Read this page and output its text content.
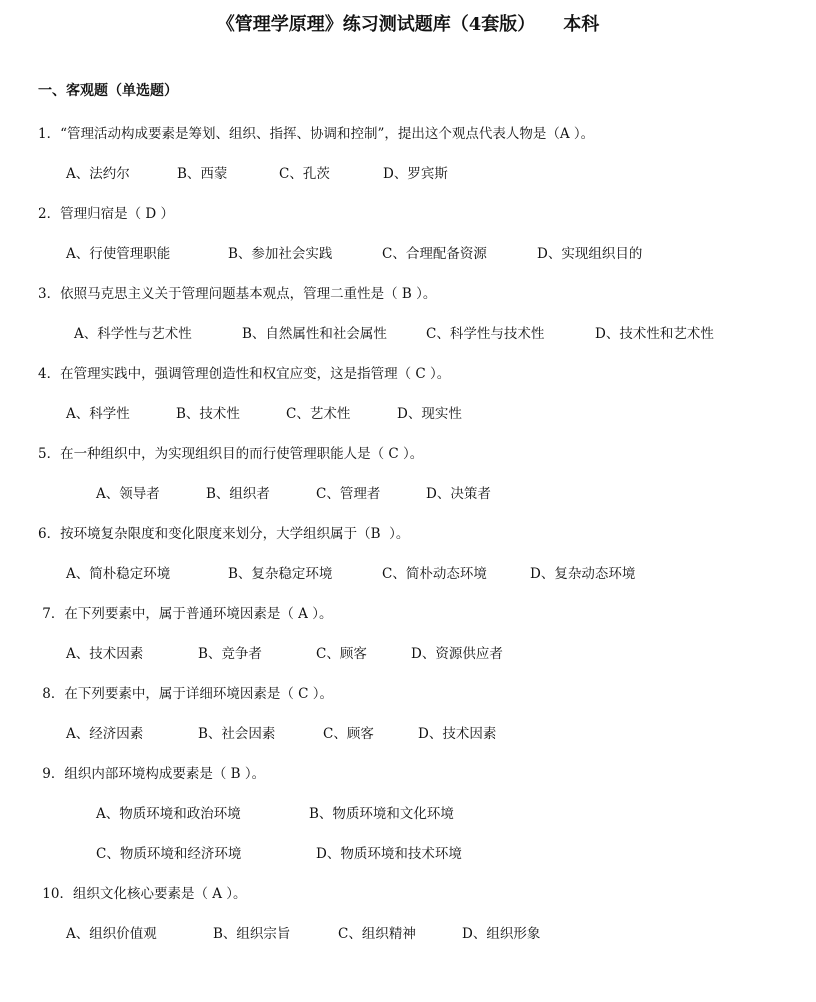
《管理学原理》练习测试题库（4套版） 本科
一、客观题（单选题）
1．“管理活动构成要素是筹划、组织、指挥、协调和控制”，提出这个观点代表人物是（A ）。

A、法约尔

	B、西蒙

	C、孔茨

	D、罗宾斯

2．管理归宿是（ D ）

A、行使管理职能

	B、参加社会实践

	C、合理配备资源

	D、实现组织目的

3．依照马克思主义关于管理问题基本观点，管理二重性是（ B ）。

A、科学性与艺术性

	B、自然属性和社会属性

	C、科学性与技术性

	D、技术性和艺术性

4．在管理实践中，强调管理创造性和权宜应变，这是指管理（ C ）。

A、科学性

	B、技术性

	C、艺术性

	D、现实性

5．在一种组织中，为实现组织目的而行使管理职能人是（ C ）。

A、领导者

	B、组织者

	C、管理者

	D、决策者

6．按环境复杂限度和变化限度来划分，大学组织属于（B  ）。

A、简朴稳定环境

	B、复杂稳定环境

	C、简朴动态环境

	D、复杂动态环境

7．在下列要素中，属于普通环境因素是（ A ）。

A、技术因素

	B、竞争者

	C、顾客

	D、资源供应者

8．在下列要素中，属于详细环境因素是（ C ）。

A、经济因素

	B、社会因素

	C、顾客

	D、技术因素

9．组织内部环境构成要素是（ B ）。

A、物质环境和政治环境

	B、物质环境和文化环境

C、物质环境和经济环境

	D、物质环境和技术环境

10．组织文化核心要素是（ A ）。

A、组织价值观

	B、组织宗旨

	C、组织精神

	D、组织形象
